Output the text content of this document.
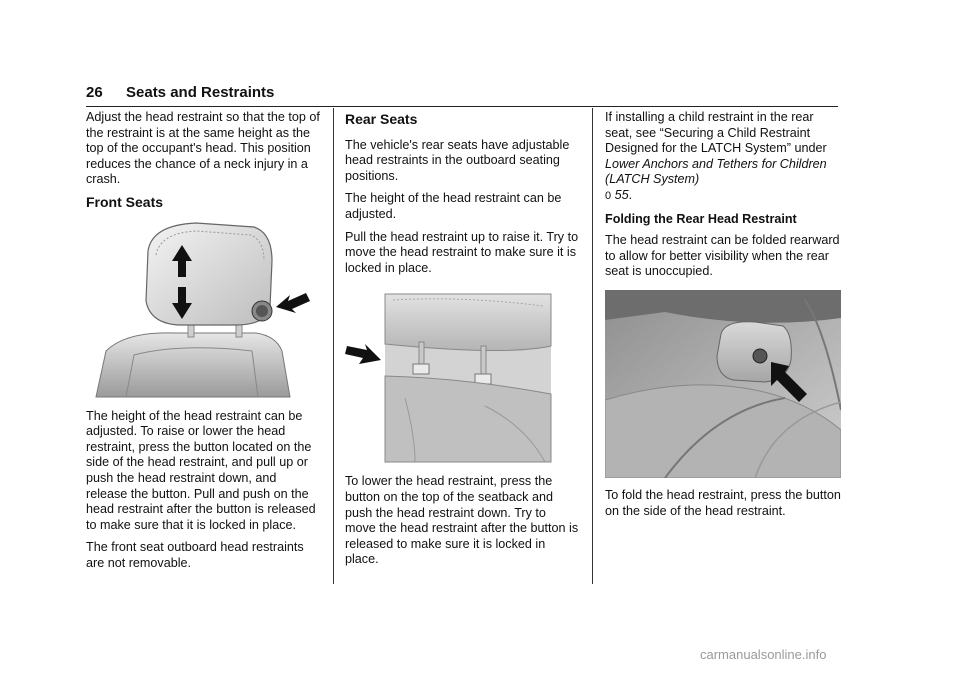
26 Seats and Restraints

Adjust the head restraint so that the top of the restraint is at the same height as the top of the occupant's head. This position reduces the chance of a neck injury in a crash.

Front Seats

The height of the head restraint can be adjusted. To raise or lower the head restraint, press the button located on the side of the head restraint, and pull up or push the head restraint down, and release the button. Pull and push on the head restraint after the button is released to make sure that it is locked in place.

The front seat outboard head restraints are not removable.

Rear Seats

The vehicle's rear seats have adjustable head restraints in the outboard seating positions.

The height of the head restraint can be adjusted.

Pull the head restraint up to raise it. Try to move the head restraint to make sure it is locked in place.

To lower the head restraint, press the button on the top of the seatback and push the head restraint down. Try to move the head restraint after the button is released to make sure it is locked in place.

If installing a child restraint in the rear seat, see “Securing a Child Restraint Designed for the LATCH System” under Lower Anchors and Tethers for Children (LATCH System)
0 55.

Folding the Rear Head Restraint

The head restraint can be folded rearward to allow for better visibility when the rear seat is unoccupied.

To fold the head restraint, press the button on the side of the head restraint.

carmanualsonline.info
